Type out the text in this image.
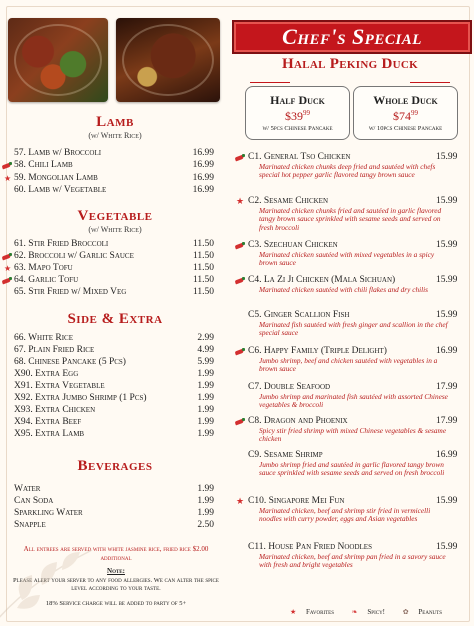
Lamb
(w/ White Rice)
57. Lamb w/ Broccoli	16.99
58. Chili Lamb	16.99
★ 59. Mongolian Lamb	16.99
60. Lamb w/ Vegetable	16.99
Vegetable
(w/ White Rice)
61. Stir Fried Broccoli	11.50
62. Broccoli w/ Garlic Sauce	11.50
★ 63. Mapo Tofu	11.50
64. Garlic Tofu	11.50
65. Stir Fried w/ Mixed Veg	11.50
Side & Extra
66. White Rice	2.99
67. Plain Fried Rice	4.99
68. Chinese Pancake (5 Pcs)	5.99
X90. Extra Egg	1.99
X91. Extra Vegetable	1.99
X92. Extra Jumbo Shrimp (1 Pcs)	1.99
X93. Extra Chicken	1.99
X94. Extra Beef	1.99
X95. Extra Lamb	1.99
Beverages
Water	1.99
Can Soda	1.99
Sparkling Water	1.99
Snapple	2.50
All entrees are served with white jasmine rice, fried rice $2.00 additional
Note:
Please alert your server to any food allergies. We can alter the spice level according to your taste.
18% Service charge will be added to party of 5+
Chef's Special
Halal Peking Duck
Half Duck
$\$39^{99}$
w/ 5pcs Chinese Pancake
Whole Duck
$\$74^{99}$
w/ 10pcs Chinese Pancake
C1. General Tso Chicken	15.99
Marinated chicken chunks deep fried and sautéed with chefs special hot pepper garlic flavored tangy brown sauce
★ C2. Sesame Chicken	15.99
Marinated chicken chunks fried and sautéed in garlic flavored tangy brown sauce sprinkled with sesame seeds and served on fresh broccoli
C3. Szechuan Chicken	15.99
Marinated chicken sautéed with mixed vegetables in a spicy brown sauce
C4. La Zi Ji Chicken (Mala Sichuan)	15.99
Marinated chicken sautéed with chili flakes and dry chilis
C5. Ginger Scallion Fish	15.99
Marinated fish sautéed with fresh ginger and scallion in the chef special sauce
C6. Happy Family (Triple Delight)	16.99
Jumbo shrimp, beef and chicken sautéed with vegetables in a brown sauce
C7. Double Seafood	17.99
Jumbo shrimp and marinated fish sautéed with assorted Chinese vegetables & broccoli
C8. Dragon and Phoenix	17.99
Spicy stir fried shrimp with mixed Chinese vegetables & sesame chicken
C9. Sesame Shrimp	16.99
Jumbo shrimp fried and sautéed in garlic flavored tangy brown sauce sprinkled with sesame seeds and served on fresh broccoli
★ C10. Singapore Mei Fun	15.99
Marinated chicken, beef and shrimp stir fried in vermicelli noodles with curry powder, eggs and Asian vegetables
C11. House Pan Fried Noodles	15.99
Marinated chicken, beef and shrimp pan fried in a savory sauce with fresh and bright vegetables
★ Favorites	❧ Spicy!	✿ Peanuts
